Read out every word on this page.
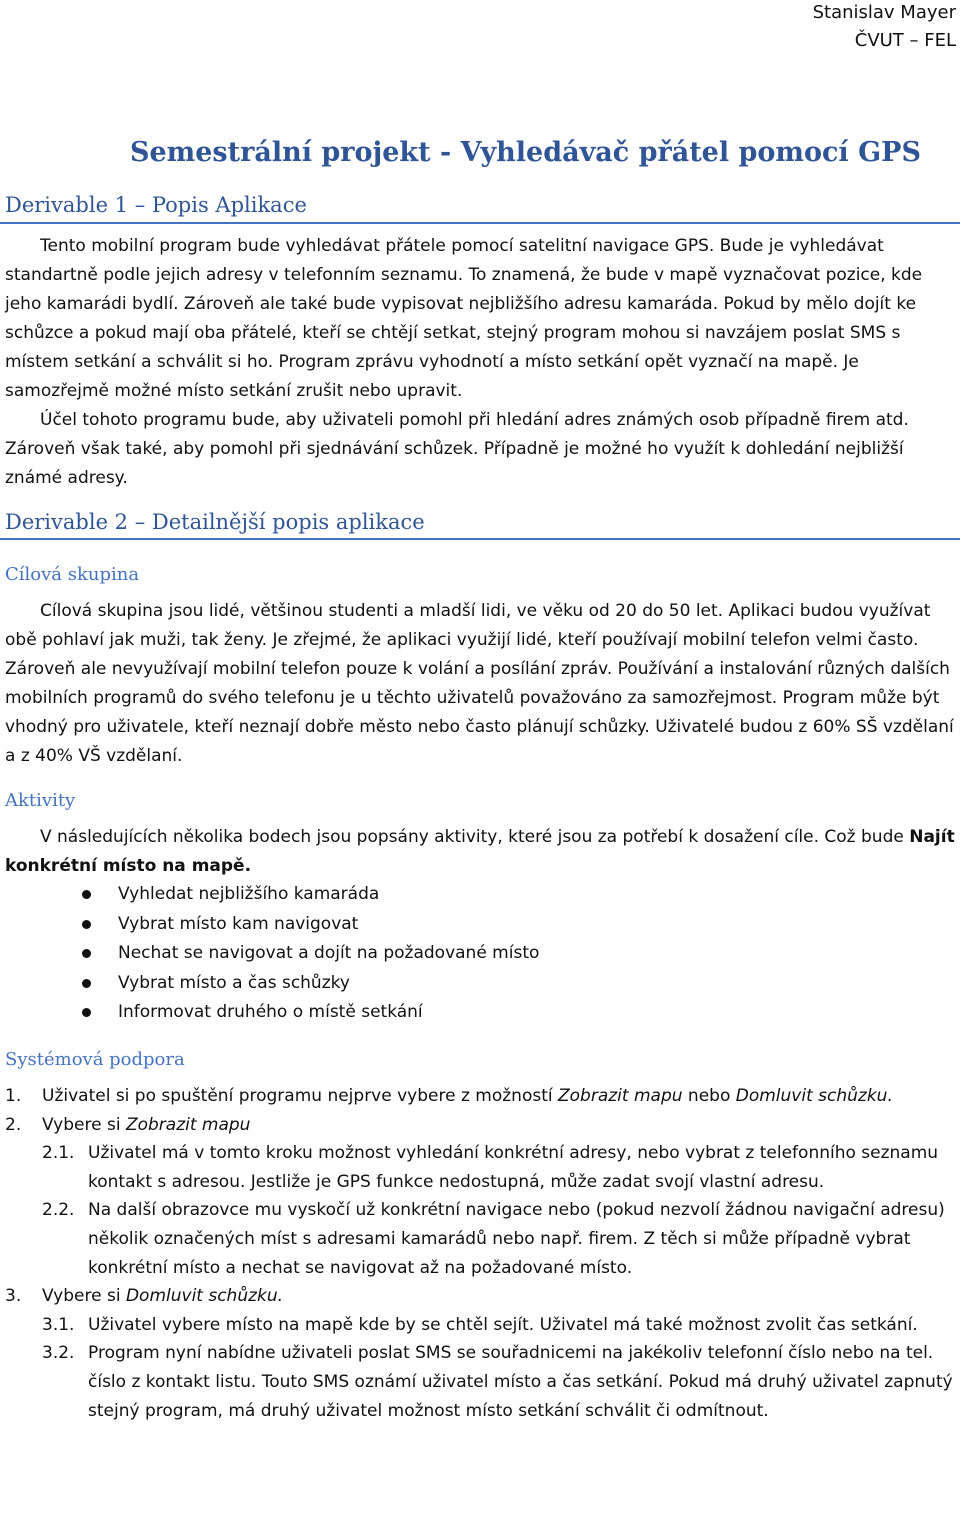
Stanislav Mayer
ČVUT – FEL
Semestrální projekt - Vyhledávač přátel pomocí GPS
Derivable 1 – Popis Aplikace

Tento mobilní program bude vyhledávat přátele pomocí satelitní navigace GPS. Bude je vyhledávat standartně podle jejich adresy v telefonním seznamu. To znamená, že bude v mapě vyznačovat pozice, kde jeho kamarádi bydlí. Zároveň ale také bude vypisovat nejbližšího adresu kamaráda. Pokud by mělo dojít ke schůzce a pokud mají oba přátelé, kteří se chtějí setkat, stejný program mohou si navzájem poslat SMS s místem setkání a schválit si ho. Program zprávu vyhodnotí a místo setkání opět vyznačí na mapě. Je samozřejmě možné místo setkání zrušit nebo upravit.

Účel tohoto programu bude, aby uživateli pomohl při hledání adres známých osob případně firem atd. Zároveň však také, aby pomohl při sjednávání schůzek. Případně je možné ho využít k dohledání nejbližší známé adresy.

Derivable 2 – Detailnější popis aplikace
Cílová skupina

Cílová skupina jsou lidé, většinou studenti a mladší lidi, ve věku od 20 do 50 let. Aplikaci budou využívat obě pohlaví jak muži, tak ženy. Je zřejmé, že aplikaci využijí lidé, kteří používají mobilní telefon velmi často. Zároveň ale nevyužívají mobilní telefon pouze k volání a posílání zpráv. Používání a instalování různých dalších mobilních programů do svého telefonu je u těchto uživatelů považováno za samozřejmost. Program může být vhodný pro uživatele, kteří neznají dobře město nebo často plánují schůzky. Uživatelé budou z 60% SŠ vzdělaní a z 40% VŠ vzdělaní.

Aktivity

V následujících několika bodech jsou popsány aktivity, které jsou za potřebí k dosažení cíle. Což bude Najít konkrétní místo na mapě.

Vyhledat nejbližšího kamaráda
Vybrat místo kam navigovat
Nechat se navigovat a dojít na požadované místo
Vybrat místo a čas schůzky
Informovat druhého o místě setkání
Systémová podpora
1. Uživatel si po spuštění programu nejprve vybere z možností Zobrazit mapu nebo Domluvit schůzku.
2. Vybere si Zobrazit mapu
2.1. Uživatel má v tomto kroku možnost vyhledání konkrétní adresy, nebo vybrat z telefonního seznamu kontakt s adresou. Jestliže je GPS funkce nedostupná, může zadat svojí vlastní adresu.
2.2. Na další obrazovce mu vyskočí už konkrétní navigace nebo (pokud nezvolí žádnou navigační adresu) několik označených míst s adresami kamarádů nebo např. firem. Z těch si může případně vybrat konkrétní místo a nechat se navigovat až na požadované místo.
3. Vybere si Domluvit schůzku.
3.1. Uživatel vybere místo na mapě kde by se chtěl sejít. Uživatel má také možnost zvolit čas setkání.
3.2. Program nyní nabídne uživateli poslat SMS se souřadnicemi na jakékoliv telefonní číslo nebo na tel. číslo z kontakt listu. Touto SMS oznámí uživatel místo a čas setkání. Pokud má druhý uživatel zapnutý stejný program, má druhý uživatel možnost místo setkání schválit či odmítnout.
